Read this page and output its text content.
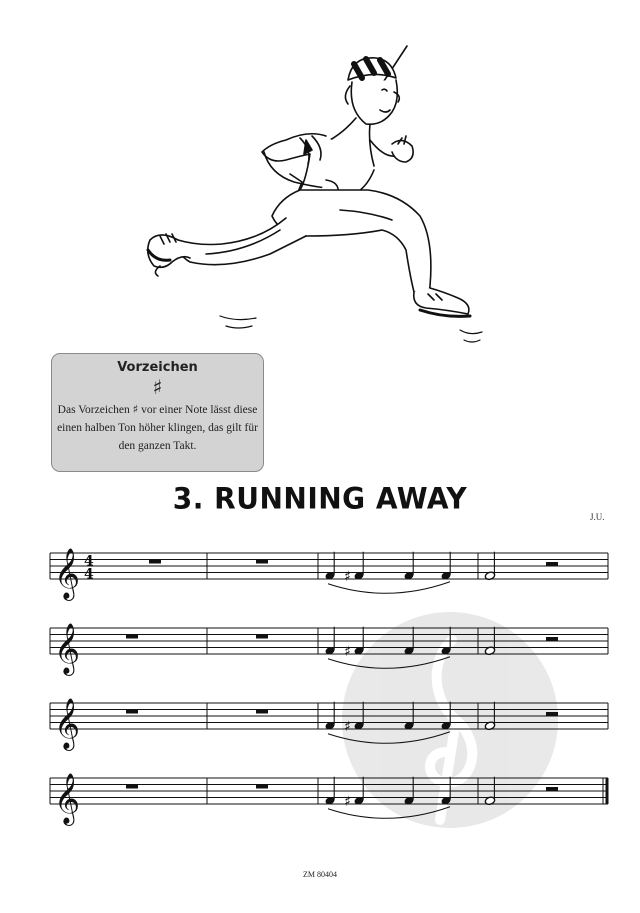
Vorzeichen
♯
Das Vorzeichen ♯ vor einer Note lässt diese einen halben Ton höher klingen, das gilt für den ganzen Takt.
3. RUNNING AWAY
J.U.
𝄞 4
4	♯
𝄞	♯
𝄞	♯
𝄞	♯
ZM 80404
